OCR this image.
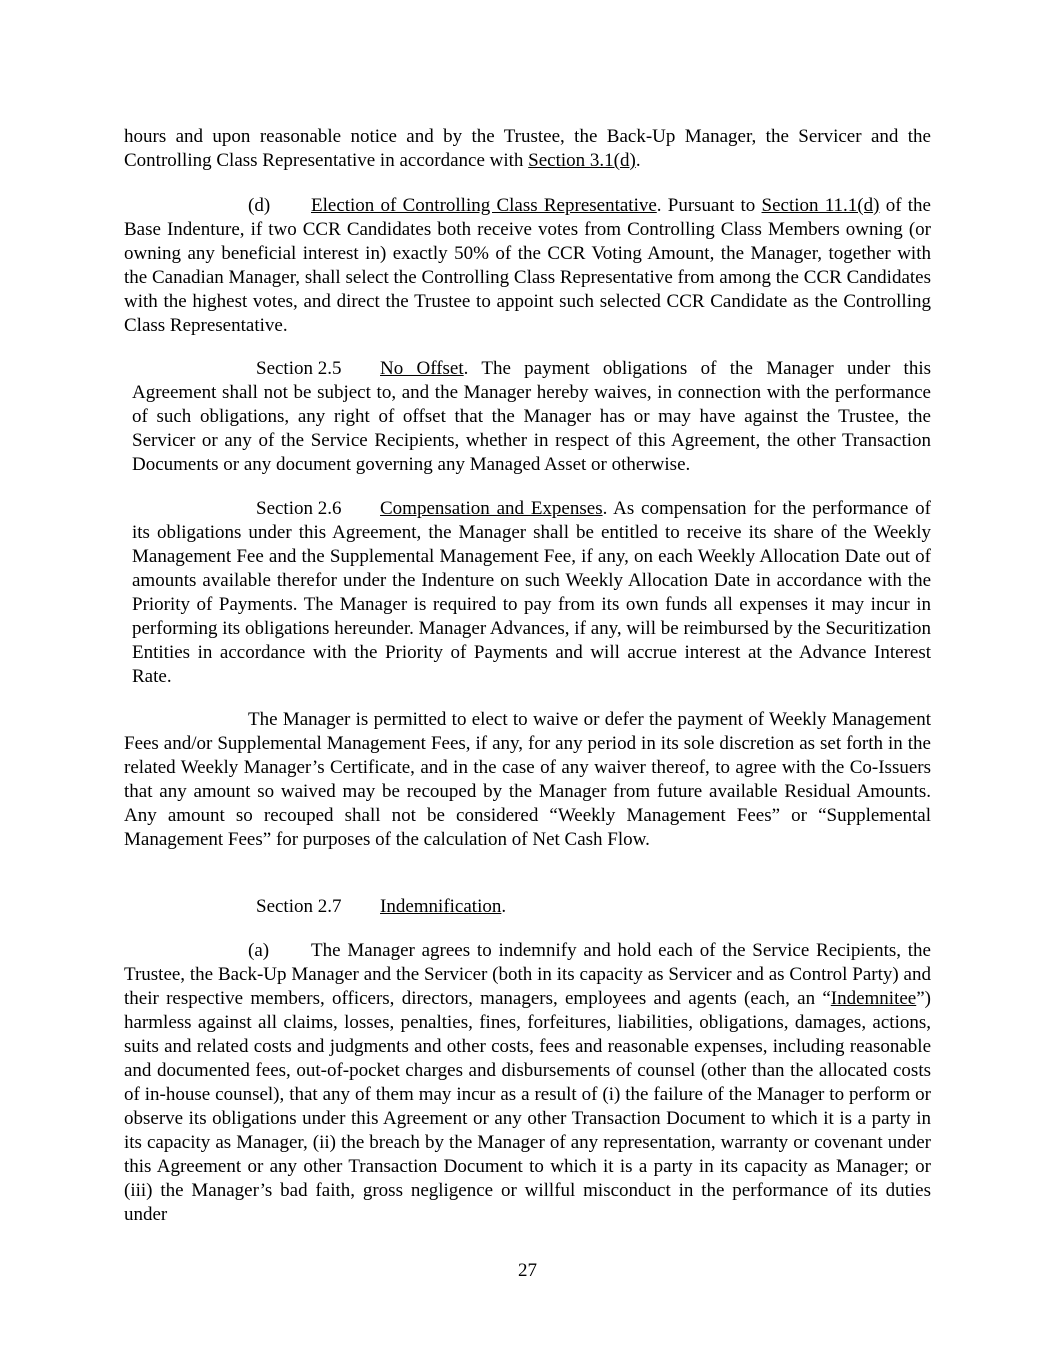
hours and upon reasonable notice and by the Trustee, the Back-Up Manager, the Servicer and the Controlling Class Representative in accordance with Section 3.1(d).

(d) Election of Controlling Class Representative. Pursuant to Section 11.1(d) of the Base Indenture, if two CCR Candidates both receive votes from Controlling Class Members owning (or owning any beneficial interest in) exactly 50% of the CCR Voting Amount, the Manager, together with the Canadian Manager, shall select the Controlling Class Representative from among the CCR Candidates with the highest votes, and direct the Trustee to appoint such selected CCR Candidate as the Controlling Class Representative.

Section 2.5 No Offset. The payment obligations of the Manager under this Agreement shall not be subject to, and the Manager hereby waives, in connection with the performance of such obligations, any right of offset that the Manager has or may have against the Trustee, the Servicer or any of the Service Recipients, whether in respect of this Agreement, the other Transaction Documents or any document governing any Managed Asset or otherwise.

Section 2.6 Compensation and Expenses. As compensation for the performance of its obligations under this Agreement, the Manager shall be entitled to receive its share of the Weekly Management Fee and the Supplemental Management Fee, if any, on each Weekly Allocation Date out of amounts available therefor under the Indenture on such Weekly Allocation Date in accordance with the Priority of Payments. The Manager is required to pay from its own funds all expenses it may incur in performing its obligations hereunder. Manager Advances, if any, will be reimbursed by the Securitization Entities in accordance with the Priority of Payments and will accrue interest at the Advance Interest Rate.

The Manager is permitted to elect to waive or defer the payment of Weekly Management Fees and/or Supplemental Management Fees, if any, for any period in its sole discretion as set forth in the related Weekly Manager’s Certificate, and in the case of any waiver thereof, to agree with the Co-Issuers that any amount so waived may be recouped by the Manager from future available Residual Amounts. Any amount so recouped shall not be considered “Weekly Management Fees” or “Supplemental Management Fees” for purposes of the calculation of Net Cash Flow.

Section 2.7 Indemnification.

(a) The Manager agrees to indemnify and hold each of the Service Recipients, the Trustee, the Back-Up Manager and the Servicer (both in its capacity as Servicer and as Control Party) and their respective members, officers, directors, managers, employees and agents (each, an “Indemnitee”) harmless against all claims, losses, penalties, fines, forfeitures, liabilities, obligations, damages, actions, suits and related costs and judgments and other costs, fees and reasonable expenses, including reasonable and documented fees, out-of-pocket charges and disbursements of counsel (other than the allocated costs of in-house counsel), that any of them may incur as a result of (i) the failure of the Manager to perform or observe its obligations under this Agreement or any other Transaction Document to which it is a party in its capacity as Manager, (ii) the breach by the Manager of any representation, warranty or covenant under this Agreement or any other Transaction Document to which it is a party in its capacity as Manager; or (iii) the Manager’s bad faith, gross negligence or willful misconduct in the performance of its duties under

27
